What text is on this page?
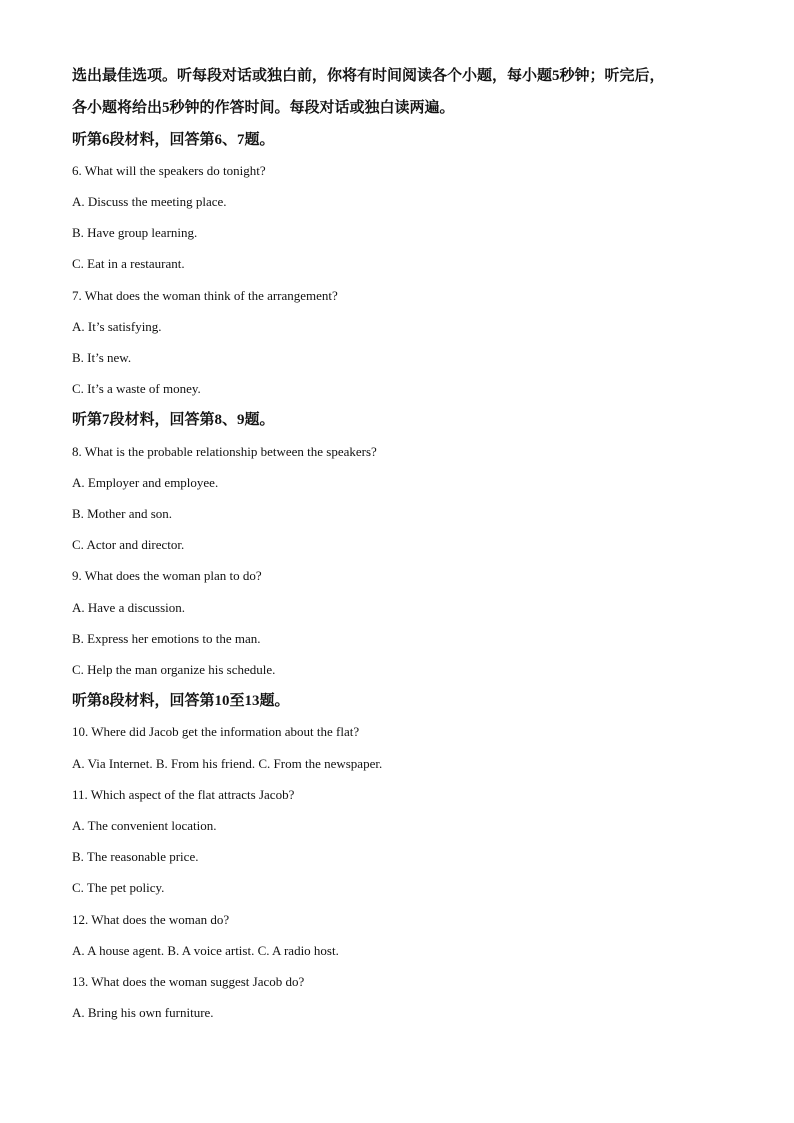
选出最佳选项。听每段对话或独白前，你将有时间阅读各个小题，每小题5秒钟；听完后，
各小题将给出5秒钟的作答时间。每段对话或独白读两遍。
听第6段材料，回答第6、7题。
6. What will the speakers do tonight?
A. Discuss the meeting place.
B. Have group learning.
C. Eat in a restaurant.
7. What does the woman think of the arrangement?
A. It’s satisfying.
B. It’s new.
C. It’s a waste of money.
听第7段材料，回答第8、9题。
8. What is the probable relationship between the speakers?
A. Employer and employee.
B. Mother and son.
C. Actor and director.
9. What does the woman plan to do?
A. Have a discussion.
B. Express her emotions to the man.
C. Help the man organize his schedule.
听第8段材料，回答第10至13题。
10. Where did Jacob get the information about the flat?
A. Via Internet. B. From his friend. C. From the newspaper.
11. Which aspect of the flat attracts Jacob?
A. The convenient location.
B. The reasonable price.
C. The pet policy.
12. What does the woman do?
A. A house agent. B. A voice artist. C. A radio host.
13. What does the woman suggest Jacob do?
A. Bring his own furniture.
